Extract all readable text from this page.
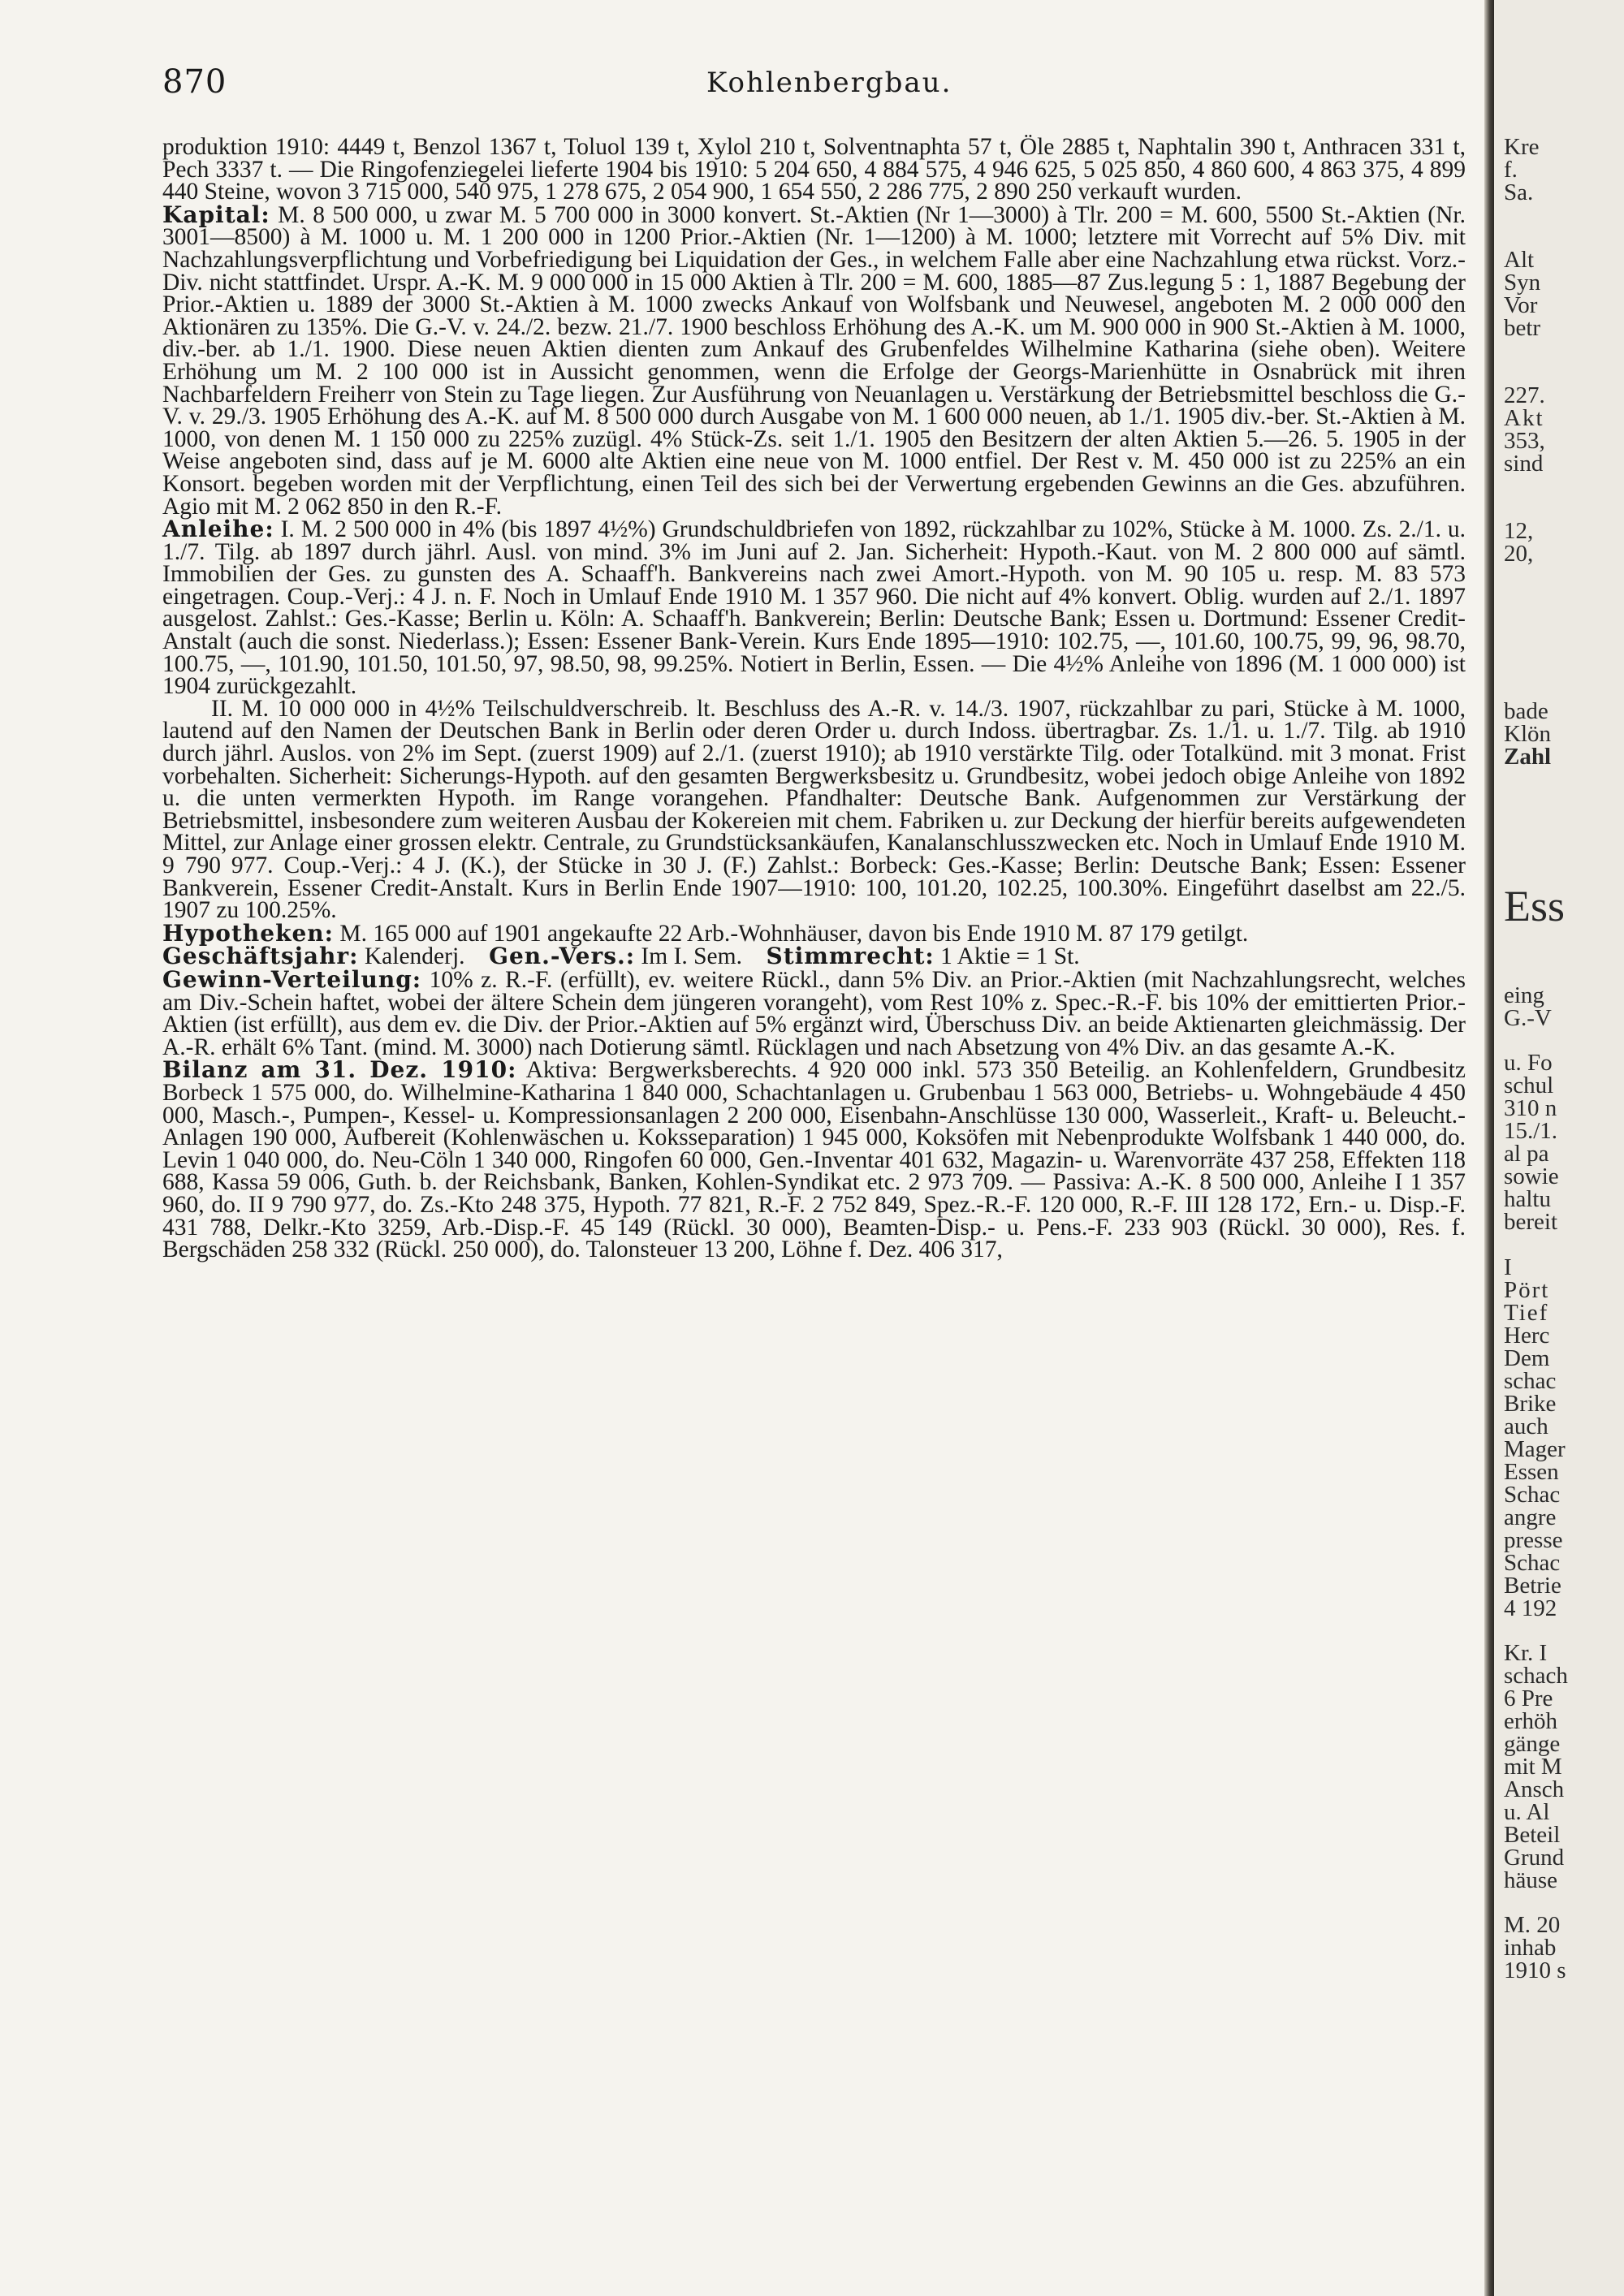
870	Kohlenbergbau.

produktion 1910: 4449 t, Benzol 1367 t, Toluol 139 t, Xylol 210 t, Solventnaphta 57 t, Öle 2885 t, Naphtalin 390 t, Anthracen 331 t, Pech 3337 t. — Die Ringofenziegelei lieferte 1904 bis 1910: 5 204 650, 4 884 575, 4 946 625, 5 025 850, 4 860 600, 4 863 375, 4 899 440 Steine, wovon 3 715 000, 540 975, 1 278 675, 2 054 900, 1 654 550, 2 286 775, 2 890 250 verkauft wurden.

Kapital: M. 8 500 000, u zwar M. 5 700 000 in 3000 konvert. St.-Aktien (Nr 1—3000) à Tlr. 200 = M. 600, 5500 St.-Aktien (Nr. 3001—8500) à M. 1000 u. M. 1 200 000 in 1200 Prior.-Aktien (Nr. 1—1200) à M. 1000; letztere mit Vorrecht auf 5% Div. mit Nachzahlungsverpflichtung und Vorbefriedigung bei Liquidation der Ges., in welchem Falle aber eine Nachzahlung etwa rückst. Vorz.-Div. nicht stattfindet. Urspr. A.-K. M. 9 000 000 in 15 000 Aktien à Tlr. 200 = M. 600, 1885—87 Zus.legung 5 : 1, 1887 Begebung der Prior.-Aktien u. 1889 der 3000 St.-Aktien à M. 1000 zwecks Ankauf von Wolfsbank und Neuwesel, angeboten M. 2 000 000 den Aktionären zu 135%. Die G.-V. v. 24./2. bezw. 21./7. 1900 beschloss Erhöhung des A.-K. um M. 900 000 in 900 St.-Aktien à M. 1000, div.-ber. ab 1./1. 1900. Diese neuen Aktien dienten zum Ankauf des Grubenfeldes Wilhelmine Katharina (siehe oben). Weitere Erhöhung um M. 2 100 000 ist in Aussicht genommen, wenn die Erfolge der Georgs-Marienhütte in Osnabrück mit ihren Nachbarfeldern Freiherr von Stein zu Tage liegen. Zur Ausführung von Neuanlagen u. Verstärkung der Betriebsmittel beschloss die G.-V. v. 29./3. 1905 Erhöhung des A.-K. auf M. 8 500 000 durch Ausgabe von M. 1 600 000 neuen, ab 1./1. 1905 div.-ber. St.-Aktien à M. 1000, von denen M. 1 150 000 zu 225% zuzügl. 4% Stück-Zs. seit 1./1. 1905 den Besitzern der alten Aktien 5.—26. 5. 1905 in der Weise angeboten sind, dass auf je M. 6000 alte Aktien eine neue von M. 1000 entfiel. Der Rest v. M. 450 000 ist zu 225% an ein Konsort. begeben worden mit der Verpflichtung, einen Teil des sich bei der Verwertung ergebenden Gewinns an die Ges. abzuführen. Agio mit M. 2 062 850 in den R.-F.

Anleihe: I. M. 2 500 000 in 4% (bis 1897 4½%) Grundschuldbriefen von 1892, rückzahlbar zu 102%, Stücke à M. 1000. Zs. 2./1. u. 1./7. Tilg. ab 1897 durch jährl. Ausl. von mind. 3% im Juni auf 2. Jan. Sicherheit: Hypoth.-Kaut. von M. 2 800 000 auf sämtl. Immobilien der Ges. zu gunsten des A. Schaaff'h. Bankvereins nach zwei Amort.-Hypoth. von M. 90 105 u. resp. M. 83 573 eingetragen. Coup.-Verj.: 4 J. n. F. Noch in Umlauf Ende 1910 M. 1 357 960. Die nicht auf 4% konvert. Oblig. wurden auf 2./1. 1897 ausgelost. Zahlst.: Ges.-Kasse; Berlin u. Köln: A. Schaaff'h. Bankverein; Berlin: Deutsche Bank; Essen u. Dortmund: Essener Credit-Anstalt (auch die sonst. Niederlass.); Essen: Essener Bank-Verein. Kurs Ende 1895—1910: 102.75, —, 101.60, 100.75, 99, 96, 98.70, 100.75, —, 101.90, 101.50, 101.50, 97, 98.50, 98, 99.25%. Notiert in Berlin, Essen. — Die 4½% Anleihe von 1896 (M. 1 000 000) ist 1904 zurückgezahlt.

II. M. 10 000 000 in 4½% Teilschuldverschreib. lt. Beschluss des A.-R. v. 14./3. 1907, rückzahlbar zu pari, Stücke à M. 1000, lautend auf den Namen der Deutschen Bank in Berlin oder deren Order u. durch Indoss. übertragbar. Zs. 1./1. u. 1./7. Tilg. ab 1910 durch jährl. Auslos. von 2% im Sept. (zuerst 1909) auf 2./1. (zuerst 1910); ab 1910 verstärkte Tilg. oder Totalkünd. mit 3 monat. Frist vorbehalten. Sicherheit: Sicherungs-Hypoth. auf den gesamten Bergwerksbesitz u. Grundbesitz, wobei jedoch obige Anleihe von 1892 u. die unten vermerkten Hypoth. im Range vorangehen. Pfandhalter: Deutsche Bank. Aufgenommen zur Verstärkung der Betriebsmittel, insbesondere zum weiteren Ausbau der Kokereien mit chem. Fabriken u. zur Deckung der hierfür bereits aufgewendeten Mittel, zur Anlage einer grossen elektr. Centrale, zu Grundstücksankäufen, Kanalanschlusszwecken etc. Noch in Umlauf Ende 1910 M. 9 790 977. Coup.-Verj.: 4 J. (K.), der Stücke in 30 J. (F.) Zahlst.: Borbeck: Ges.-Kasse; Berlin: Deutsche Bank; Essen: Essener Bankverein, Essener Credit-Anstalt. Kurs in Berlin Ende 1907—1910: 100, 101.20, 102.25, 100.30%. Eingeführt daselbst am 22./5. 1907 zu 100.25%.

Hypotheken: M. 165 000 auf 1901 angekaufte 22 Arb.-Wohnhäuser, davon bis Ende 1910 M. 87 179 getilgt.

Geschäftsjahr: Kalenderj. Gen.-Vers.: Im I. Sem. Stimmrecht: 1 Aktie = 1 St.

Gewinn-Verteilung: 10% z. R.-F. (erfüllt), ev. weitere Rückl., dann 5% Div. an Prior.-Aktien (mit Nachzahlungsrecht, welches am Div.-Schein haftet, wobei der ältere Schein dem jüngeren vorangeht), vom Rest 10% z. Spec.-R.-F. bis 10% der emittierten Prior.-Aktien (ist erfüllt), aus dem ev. die Div. der Prior.-Aktien auf 5% ergänzt wird, Überschuss Div. an beide Aktienarten gleichmässig. Der A.-R. erhält 6% Tant. (mind. M. 3000) nach Dotierung sämtl. Rücklagen und nach Absetzung von 4% Div. an das gesamte A.-K.

Bilanz am 31. Dez. 1910: Aktiva: Bergwerksberechts. 4 920 000 inkl. 573 350 Beteilig. an Kohlenfeldern, Grundbesitz Borbeck 1 575 000, do. Wilhelmine-Katharina 1 840 000, Schachtanlagen u. Grubenbau 1 563 000, Betriebs- u. Wohngebäude 4 450 000, Masch.-, Pumpen-, Kessel- u. Kompressionsanlagen 2 200 000, Eisenbahn-Anschlüsse 130 000, Wasserleit., Kraft- u. Beleucht.-Anlagen 190 000, Aufbereit (Kohlenwäschen u. Koksseparation) 1 945 000, Koksöfen mit Nebenprodukte Wolfsbank 1 440 000, do. Levin 1 040 000, do. Neu-Cöln 1 340 000, Ringofen 60 000, Gen.-Inventar 401 632, Magazin- u. Warenvorräte 437 258, Effekten 118 688, Kassa 59 006, Guth. b. der Reichsbank, Banken, Kohlen-Syndikat etc. 2 973 709. — Passiva: A.-K. 8 500 000, Anleihe I 1 357 960, do. II 9 790 977, do. Zs.-Kto 248 375, Hypoth. 77 821, R.-F. 2 752 849, Spez.-R.-F. 120 000, R.-F. III 128 172, Ern.- u. Disp.-F. 431 788, Delkr.-Kto 3259, Arb.-Disp.-F. 45 149 (Rückl. 30 000), Beamten-Disp.- u. Pens.-F. 233 903 (Rückl. 30 000), Res. f. Bergschäden 258 332 (Rückl. 250 000), do. Talonsteuer 13 200, Löhne f. Dez. 406 317,

Kre
f.
Sa.
Alt
Syn
Vor
betr
227.
Akt
353,
sind
12,
20,
bade
Klön
Zahl
Ess
eing
G.-V
u. Fo
schul
310 n
15./1.
al pa
sowie
haltu
bereit
I
Pört
Tief
Herc
Dem
schac
Brike
auch
Mager
Essen
Schac
angre
presse
Schac
Betrie
4 192
Kr. I
schach
6 Pre
erhöh
gänge
mit M
Ansch
u. Al
Beteil
Grund
häuse
M. 20
inhab
1910 s
